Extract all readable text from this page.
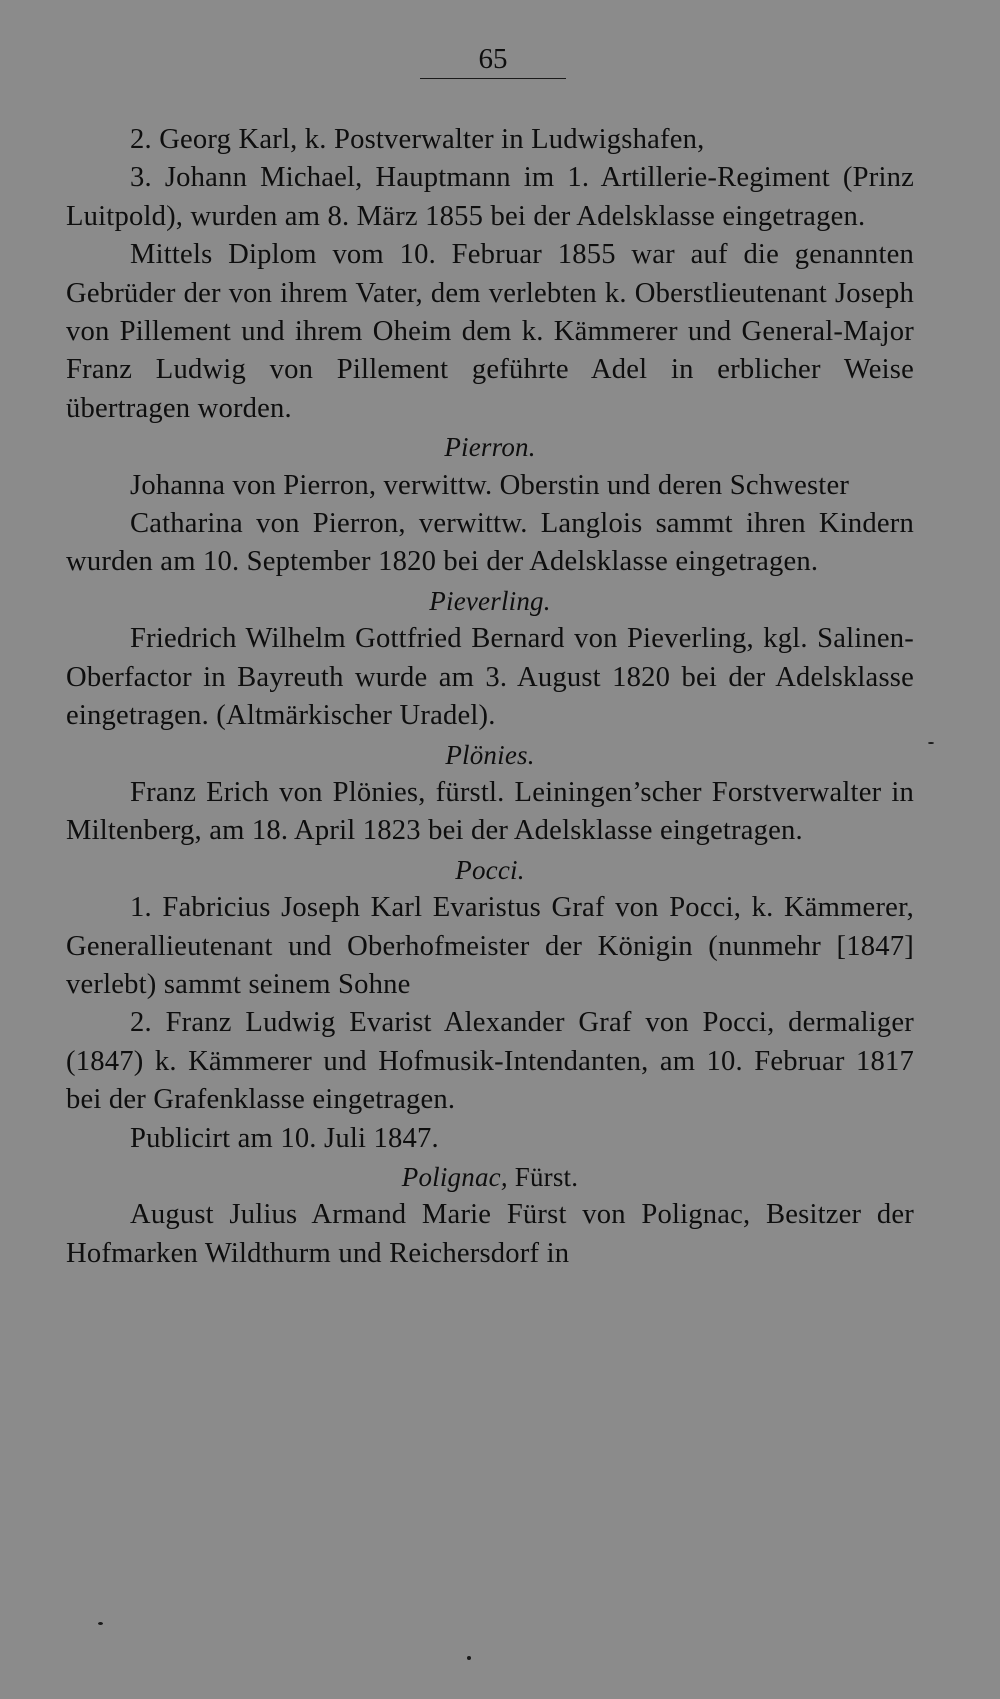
65

2. Georg Karl, k. Postverwalter in Ludwigshafen,

3. Johann Michael, Hauptmann im 1. Artillerie-Regiment (Prinz Luitpold), wurden am 8. März 1855 bei der Adelsklasse eingetragen.

Mittels Diplom vom 10. Februar 1855 war auf die genannten Gebrüder der von ihrem Vater, dem verlebten k. Oberstlieutenant Joseph von Pillement und ihrem Oheim dem k. Kämmerer und General-Major Franz Ludwig von Pillement geführte Adel in erblicher Weise übertragen worden.

Pierron.

Johanna von Pierron, verwittw. Oberstin und deren Schwester

Catharina von Pierron, verwittw. Langlois sammt ihren Kindern wurden am 10. September 1820 bei der Adelsklasse eingetragen.

Pieverling.

Friedrich Wilhelm Gottfried Bernard von Pieverling, kgl. Salinen-Oberfactor in Bayreuth wurde am 3. August 1820 bei der Adelsklasse eingetragen. (Altmärkischer Uradel).

Plönies.

Franz Erich von Plönies, fürstl. Leiningen’scher Forstverwalter in Miltenberg, am 18. April 1823 bei der Adelsklasse eingetragen.

Pocci.

1. Fabricius Joseph Karl Evaristus Graf von Pocci, k. Kämmerer, Generallieutenant und Oberhofmeister der Königin (nunmehr [1847] verlebt) sammt seinem Sohne

2. Franz Ludwig Evarist Alexander Graf von Pocci, dermaliger (1847) k. Kämmerer und Hofmusik-Intendanten, am 10. Februar 1817 bei der Grafenklasse eingetragen.

Publicirt am 10. Juli 1847.

Polignac, Fürst.

August Julius Armand Marie Fürst von Polignac, Besitzer der Hofmarken Wildthurm und Reichersdorf in
